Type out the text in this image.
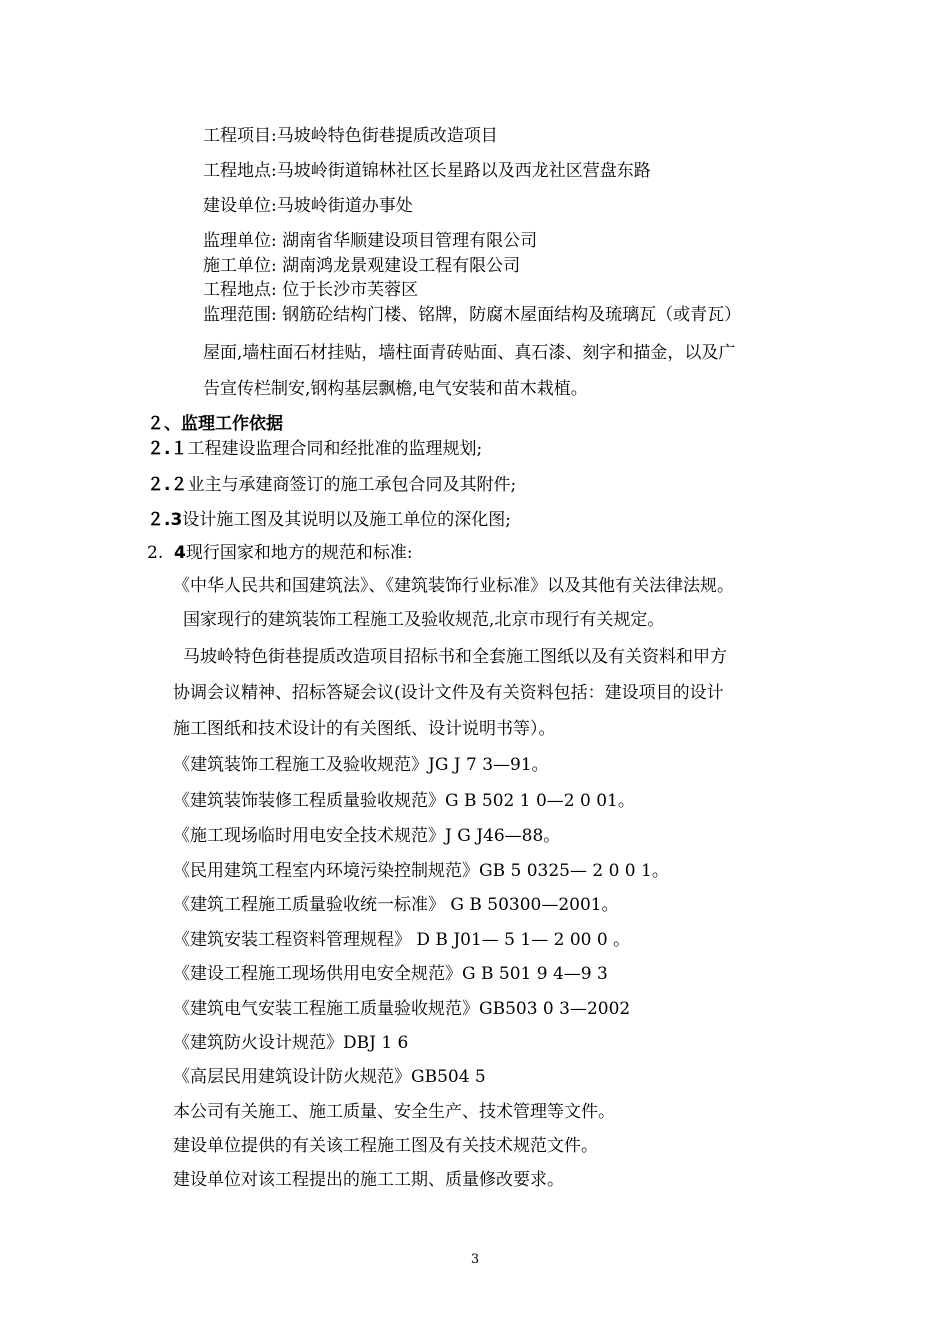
工程项目:马坡岭特色街巷提质改造项目

工程地点:马坡岭街道锦林社区长星路以及西龙社区营盘东路

建设单位:马坡岭街道办事处

监理单位: 湖南省华顺建设项目管理有限公司

施工单位: 湖南鸿龙景观建设工程有限公司

工程地点: 位于长沙市芙蓉区

监理范围: 钢筋砼结构门楼、铭牌，防腐木屋面结构及琉璃瓦（或青瓦）

屋面,墙柱面石材挂贴，墙柱面青砖贴面、真石漆、刻字和描金，以及广

告宣传栏制安,钢构基层飘檐,电气安装和苗木栽植。

２、监理工作依据

２.１工程建设监理合同和经批准的监理规划;

２.２业主与承建商签订的施工承包合同及其附件;

２.3设计施工图及其说明以及施工单位的深化图;

2.  4现行国家和地方的规范和标准:

《中华人民共和国建筑法》、《建筑装饰行业标准》以及其他有关法律法规。

国家现行的建筑装饰工程施工及验收规范,北京市现行有关规定。

马坡岭特色街巷提质改造项目招标书和全套施工图纸以及有关资料和甲方

协调会议精神、招标答疑会议(设计文件及有关资料包括：建设项目的设计

施工图纸和技术设计的有关图纸、设计说明书等）。

《建筑装饰工程施工及验收规范》JG J 7 3—91。

《建筑装饰装修工程质量验收规范》G B 502 1 0—2 0 01。

《施工现场临时用电安全技术规范》J G J46—88。

《民用建筑工程室内环境污染控制规范》GB 5 0325— 2 0 0 1。

《建筑工程施工质量验收统一标准》 G B 50300—2001。

《建筑安装工程资料管理规程》 D B J01— 5 1— 2 00 0 。

《建设工程施工现场供用电安全规范》G B 501 9 4—9 3

《建筑电气安装工程施工质量验收规范》GB503 0 3—2002

《建筑防火设计规范》DBJ 1 6

《高层民用建筑设计防火规范》GB504 5

本公司有关施工、施工质量、安全生产、技术管理等文件。

建设单位提供的有关该工程施工图及有关技术规范文件。

建设单位对该工程提出的施工工期、质量修改要求。

3
